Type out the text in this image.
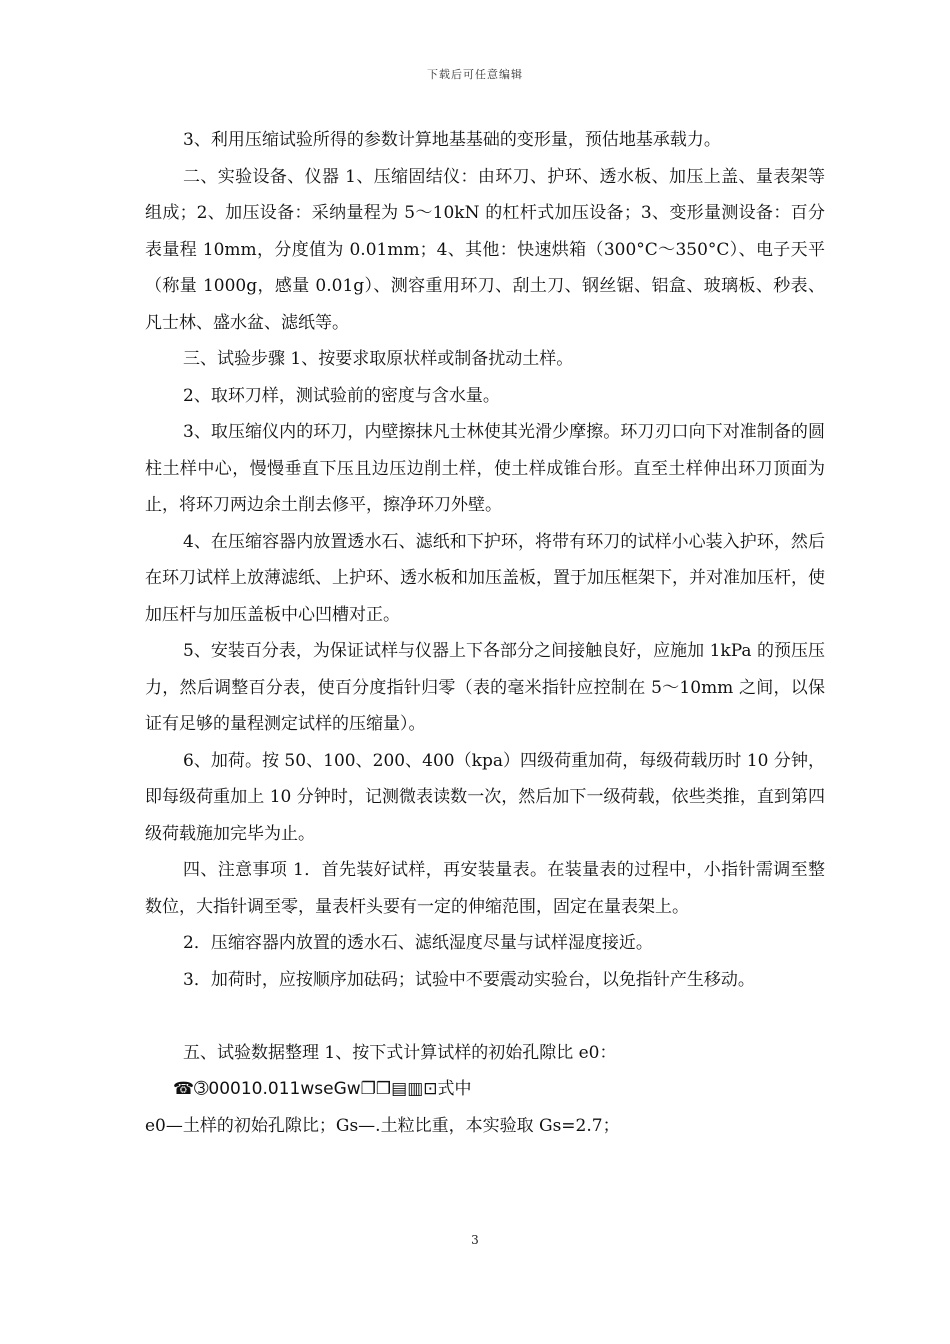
下载后可任意编辑

3、利用压缩试验所得的参数计算地基基础的变形量，预估地基承载力。

二、实验设备、仪器 1、压缩固结仪：由环刀、护环、透水板、加压上盖、量表架等组成；2、加压设备：采纳量程为 5～10kN 的杠杆式加压设备；3、变形量测设备：百分表量程 10mm，分度值为 0.01mm；4、其他：快速烘箱（300°C～350°C）、电子天平（称量 1000g，感量 0.01g）、测容重用环刀、刮土刀、钢丝锯、铝盒、玻璃板、秒表、凡士林、盛水盆、滤纸等。

三、试验步骤 1、按要求取原状样或制备扰动土样。

2、取环刀样，测试验前的密度与含水量。

3、取压缩仪内的环刀，内壁擦抹凡士林使其光滑少摩擦。环刀刃口向下对准制备的圆柱土样中心，慢慢垂直下压且边压边削土样，使土样成锥台形。直至土样伸出环刀顶面为止，将环刀两边余土削去修平，擦净环刀外壁。

4、在压缩容器内放置透水石、滤纸和下护环，将带有环刀的试样小心装入护环，然后在环刀试样上放薄滤纸、上护环、透水板和加压盖板，置于加压框架下，并对准加压杆，使加压杆与加压盖板中心凹槽对正。

5、安装百分表，为保证试样与仪器上下各部分之间接触良好，应施加 1kPa 的预压压力，然后调整百分表，使百分度指针归零（表的毫米指针应控制在 5～10mm 之间，以保证有足够的量程测定试样的压缩量）。

6、加荷。按 50、100、200、400（kpa）四级荷重加荷，每级荷载历时 10 分钟，即每级荷重加上 10 分钟时，记测微表读数一次，然后加下一级荷载，依些类推，直到第四级荷载施加完毕为止。

四、注意事项 1．首先装好试样，再安装量表。在装量表的过程中，小指针需调至整数位，大指针调至零，量表杆头要有一定的伸缩范围，固定在量表架上。

2．压缩容器内放置的透水石、滤纸湿度尽量与试样湿度接近。

3．加荷时，应按顺序加砝码；试验中不要震动实验台，以免指针产生移动。

五、试验数据整理 1、按下式计算试样的初始孔隙比 e0：

☎➂00010.011wseGw❐❒▤▥⊡式中

e0—土样的初始孔隙比；Gs—.土粒比重，本实验取 Gs=2.7；

3
